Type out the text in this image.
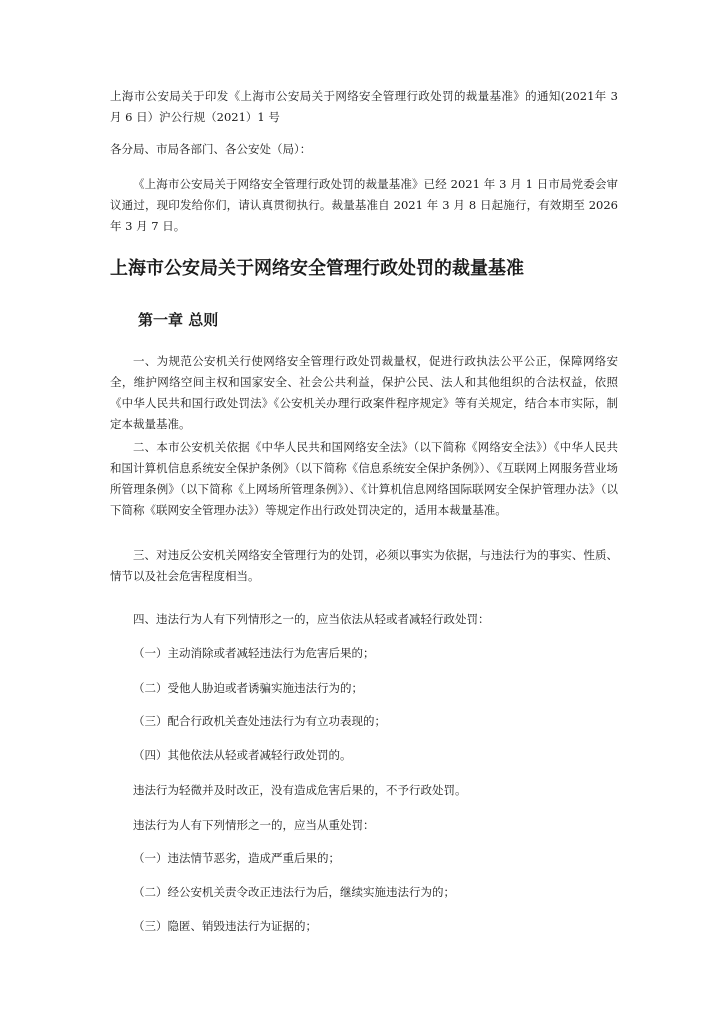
上海市公安局关于印发《上海市公安局关于网络安全管理行政处罚的裁量基准》的通知(2021年 3 月 6 日）沪公行规（2021）1 号

各分局、市局各部门、各公安处（局）：

《上海市公安局关于网络安全管理行政处罚的裁量基准》已经 2021 年 3 月 1 日市局党委会审议通过，现印发给你们，请认真贯彻执行。裁量基准自 2021 年 3 月 8 日起施行，有效期至 2026 年 3 月 7 日。

上海市公安局关于网络安全管理行政处罚的裁量基准
第一章 总则

一、为规范公安机关行使网络安全管理行政处罚裁量权，促进行政执法公平公正，保障网络安全，维护网络空间主权和国家安全、社会公共利益，保护公民、法人和其他组织的合法权益，依照《中华人民共和国行政处罚法》《公安机关办理行政案件程序规定》等有关规定，结合本市实际，制定本裁量基准。

二、本市公安机关依据《中华人民共和国网络安全法》（以下简称《网络安全法》）《中华人民共和国计算机信息系统安全保护条例》（以下简称《信息系统安全保护条例》）、《互联网上网服务营业场所管理条例》（以下简称《上网场所管理条例》）、《计算机信息网络国际联网安全保护管理办法》（以下简称《联网安全管理办法》）等规定作出行政处罚决定的，适用本裁量基准。

三、对违反公安机关网络安全管理行为的处罚，必须以事实为依据，与违法行为的事实、性质、情节以及社会危害程度相当。

四、违法行为人有下列情形之一的，应当依法从轻或者减轻行政处罚：

（一）主动消除或者减轻违法行为危害后果的；

（二）受他人胁迫或者诱骗实施违法行为的；

（三）配合行政机关查处违法行为有立功表现的；

（四）其他依法从轻或者减轻行政处罚的。

违法行为轻微并及时改正，没有造成危害后果的，不予行政处罚。

违法行为人有下列情形之一的，应当从重处罚：

（一）违法情节恶劣，造成严重后果的；

（二）经公安机关责令改正违法行为后，继续实施违法行为的；

（三）隐匿、销毁违法行为证据的；
